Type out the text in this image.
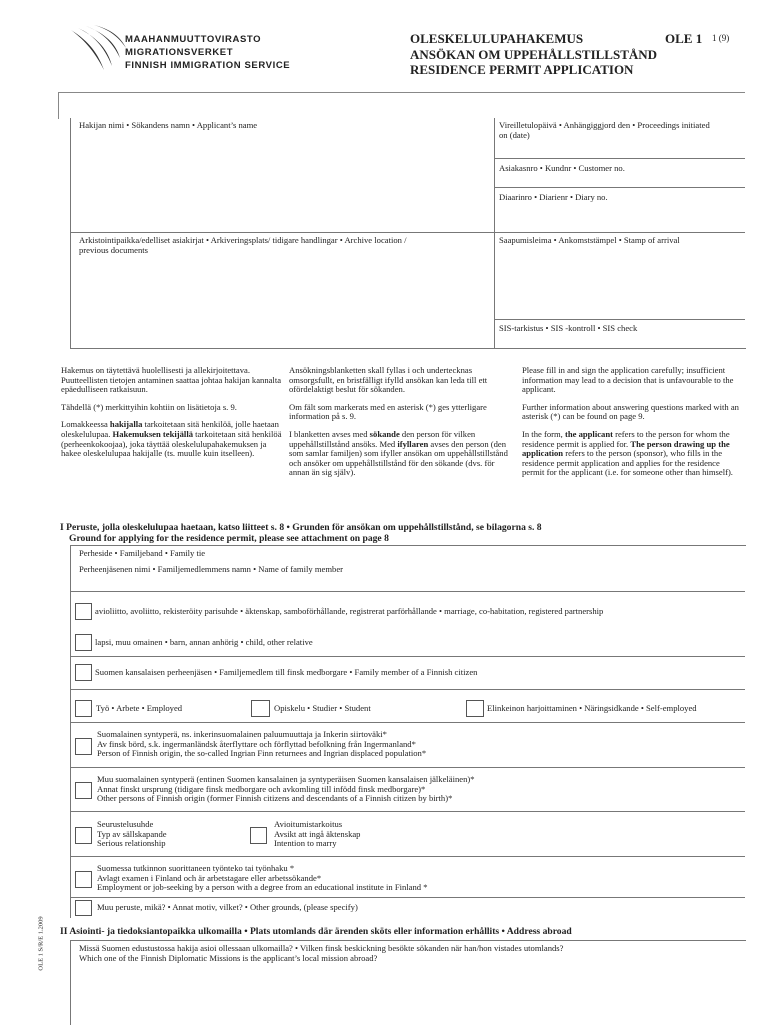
MAAHANMUUTTOVIRASTO
MIGRATIONSVERKET
FINNISH IMMIGRATION SERVICE
OLESKELULUPAHAKEMUS
ANSÖKAN OM UPPEHÅLLSTILLSTÅND
RESIDENCE PERMIT APPLICATION
OLE 1 1 (9)
Hakijan nimi • Sökandens namn • Applicant’s name	Vireilletulopäivä • Anhängiggjord den • Proceedings initiated
on (date)
Asiakasnro • Kundnr • Customer no.
Diaarinro • Diarienr • Diary no.
Arkistointipaikka/edelliset asiakirjat • Arkiveringsplats/ tidigare handlingar • Archive location /
previous documents
Saapumisleima • Ankomststämpel • Stamp of arrival
SIS-tarkistus • SIS -kontroll • SIS check

Hakemus on täytettävä huolellisesti ja allekirjoitettava. Puutteellisten tietojen antaminen saattaa johtaa hakijan kannalta epäedulliseen ratkaisuun.

Tähdellä (*) merkittyihin kohtiin on lisätietoja s. 9.

Lomakkeessa hakijalla tarkoitetaan sitä henkilöä, jolle haetaan oleskelulupaa. Hakemuksen tekijällä tarkoitetaan sitä henkilöä (perheenkokoojaa), joka täyttää oleskelulupahakemuksen ja hakee oleskelulupaa hakijalle (ts. muulle kuin itselleen).

Ansökningsblanketten skall fyllas i och undertecknas omsorgsfullt, en bristfälligt ifylld ansökan kan leda till ett ofördelaktigt beslut för sökanden.

Om fält som markerats med en asterisk (*) ges ytterligare information på s. 9.

I blanketten avses med sökande den person för vilken uppehållstillstånd ansöks. Med ifyllaren avses den person (den som samlar familjen) som ifyller ansökan om uppehållstillstånd och ansöker om uppehållstillstånd för den sökande (dvs. för annan än sig själv).

Please fill in and sign the application carefully; insufficient information may lead to a decision that is unfavourable to the applicant.

Further information about answering questions marked with an asterisk (*) can be found on page 9.

In the form, the applicant refers to the person for whom the residence permit is applied for. The person drawing up the application refers to the person (sponsor), who fills in the residence permit application and applies for the residence permit for the applicant (i.e. for someone other than himself).

I Peruste, jolla oleskelulupaa haetaan, katso liitteet s. 8 • Grunden för ansökan om uppehållstillstånd, se bilagorna s. 8
Ground for applying for the residence permit, please see attachment on page 8
Perheside • Familjeband • Family tie
Perheenjäsenen nimi • Familjemedlemmens namn • Name of family member
avioliitto, avoliitto, rekisteröity parisuhde • äktenskap, samboförhållande, registrerat parförhållande • marriage, co-habitation, registered partnership
lapsi, muu omainen • barn, annan anhörig • child, other relative
Suomen kansalaisen perheenjäsen • Familjemedlem till finsk medborgare • Family member of a Finnish citizen
Työ • Arbete • Employed	Opiskelu • Studier • Student	Elinkeinon harjoittaminen • Näringsidkande • Self-employed
Suomalainen syntyperä, ns. inkerinsuomalainen paluumuuttaja ja Inkerin siirtoväki*
Av finsk börd, s.k. ingermanländsk återflyttare och förflyttad befolkning från Ingermanland*
Person of Finnish origin, the so-called Ingrian Finn returnees and Ingrian displaced population*
Muu suomalainen syntyperä (entinen Suomen kansalainen ja syntyperäisen Suomen kansalaisen jälkeläinen)*
Annat finskt ursprung (tidigare finsk medborgare och avkomling till infödd finsk medborgare)*
Other persons of Finnish origin (former Finnish citizens and descendants of a Finnish citizen by birth)*
Seurustelusuhde
Typ av sällskapande
Serious relationship
Avioitumistarkoitus
Avsikt att ingå äktenskap
Intention to marry
Suomessa tutkinnon suorittaneen työnteko tai työnhaku *
Avlagt examen i Finland och är arbetstagare eller arbetssökande*
Employment or job-seeking by a person with a degree from an educational institute in Finland *
Muu peruste, mikä? • Annat motiv, vilket? • Other grounds, (please specify)
II Asiointi- ja tiedoksiantopaikka ulkomailla • Plats utomlands där ärenden sköts eller information erhållits • Address abroad
Missä Suomen edustustossa hakija asioi ollessaan ulkomailla? • Vilken finsk beskickning besökte sökanden när han/hon vistades utomlands?
Which one of the Finnish Diplomatic Missions is the applicant’s local mission abroad?
OLE 1 S/R/E 1.2009
